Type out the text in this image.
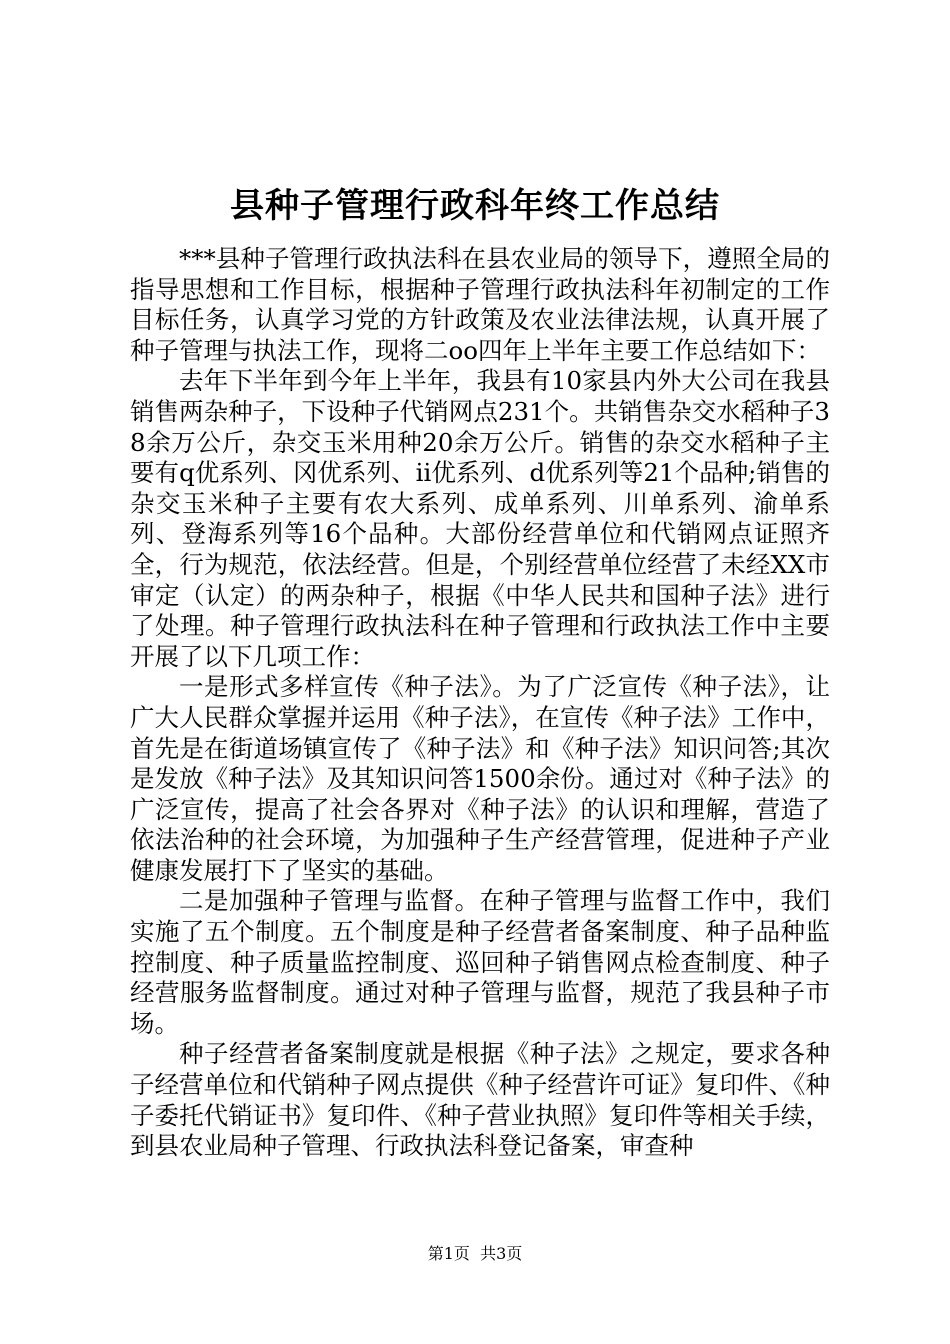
县种子管理行政科年终工作总结

***县种子管理行政执法科在县农业局的领导下，遵照全局的指导思想和工作目标，根据种子管理行政执法科年初制定的工作目标任务，认真学习党的方针政策及农业法律法规，认真开展了种子管理与执法工作，现将二oo四年上半年主要工作总结如下：

去年下半年到今年上半年，我县有10家县内外大公司在我县销售两杂种子，下设种子代销网点231个。共销售杂交水稻种子38余万公斤，杂交玉米用种20余万公斤。销售的杂交水稻种子主要有q优系列、冈优系列、ii优系列、d优系列等21个品种;销售的杂交玉米种子主要有农大系列、成单系列、川单系列、渝单系列、登海系列等16个品种。大部份经营单位和代销网点证照齐全，行为规范，依法经营。但是，个别经营单位经营了未经XX市审定（认定）的两杂种子，根据《中华人民共和国种子法》进行了处理。种子管理行政执法科在种子管理和行政执法工作中主要开展了以下几项工作：

一是形式多样宣传《种子法》。为了广泛宣传《种子法》，让广大人民群众掌握并运用《种子法》，在宣传《种子法》工作中，首先是在街道场镇宣传了《种子法》和《种子法》知识问答;其次是发放《种子法》及其知识问答1500余份。通过对《种子法》的广泛宣传，提高了社会各界对《种子法》的认识和理解，营造了依法治种的社会环境，为加强种子生产经营管理，促进种子产业健康发展打下了坚实的基础。

二是加强种子管理与监督。在种子管理与监督工作中，我们实施了五个制度。五个制度是种子经营者备案制度、种子品种监控制度、种子质量监控制度、巡回种子销售网点检查制度、种子经营服务监督制度。通过对种子管理与监督，规范了我县种子市场。

种子经营者备案制度就是根据《种子法》之规定，要求各种子经营单位和代销种子网点提供《种子经营许可证》复印件、《种子委托代销证书》复印件、《种子营业执照》复印件等相关手续，到县农业局种子管理、行政执法科登记备案，审查种

第1页  共3页
